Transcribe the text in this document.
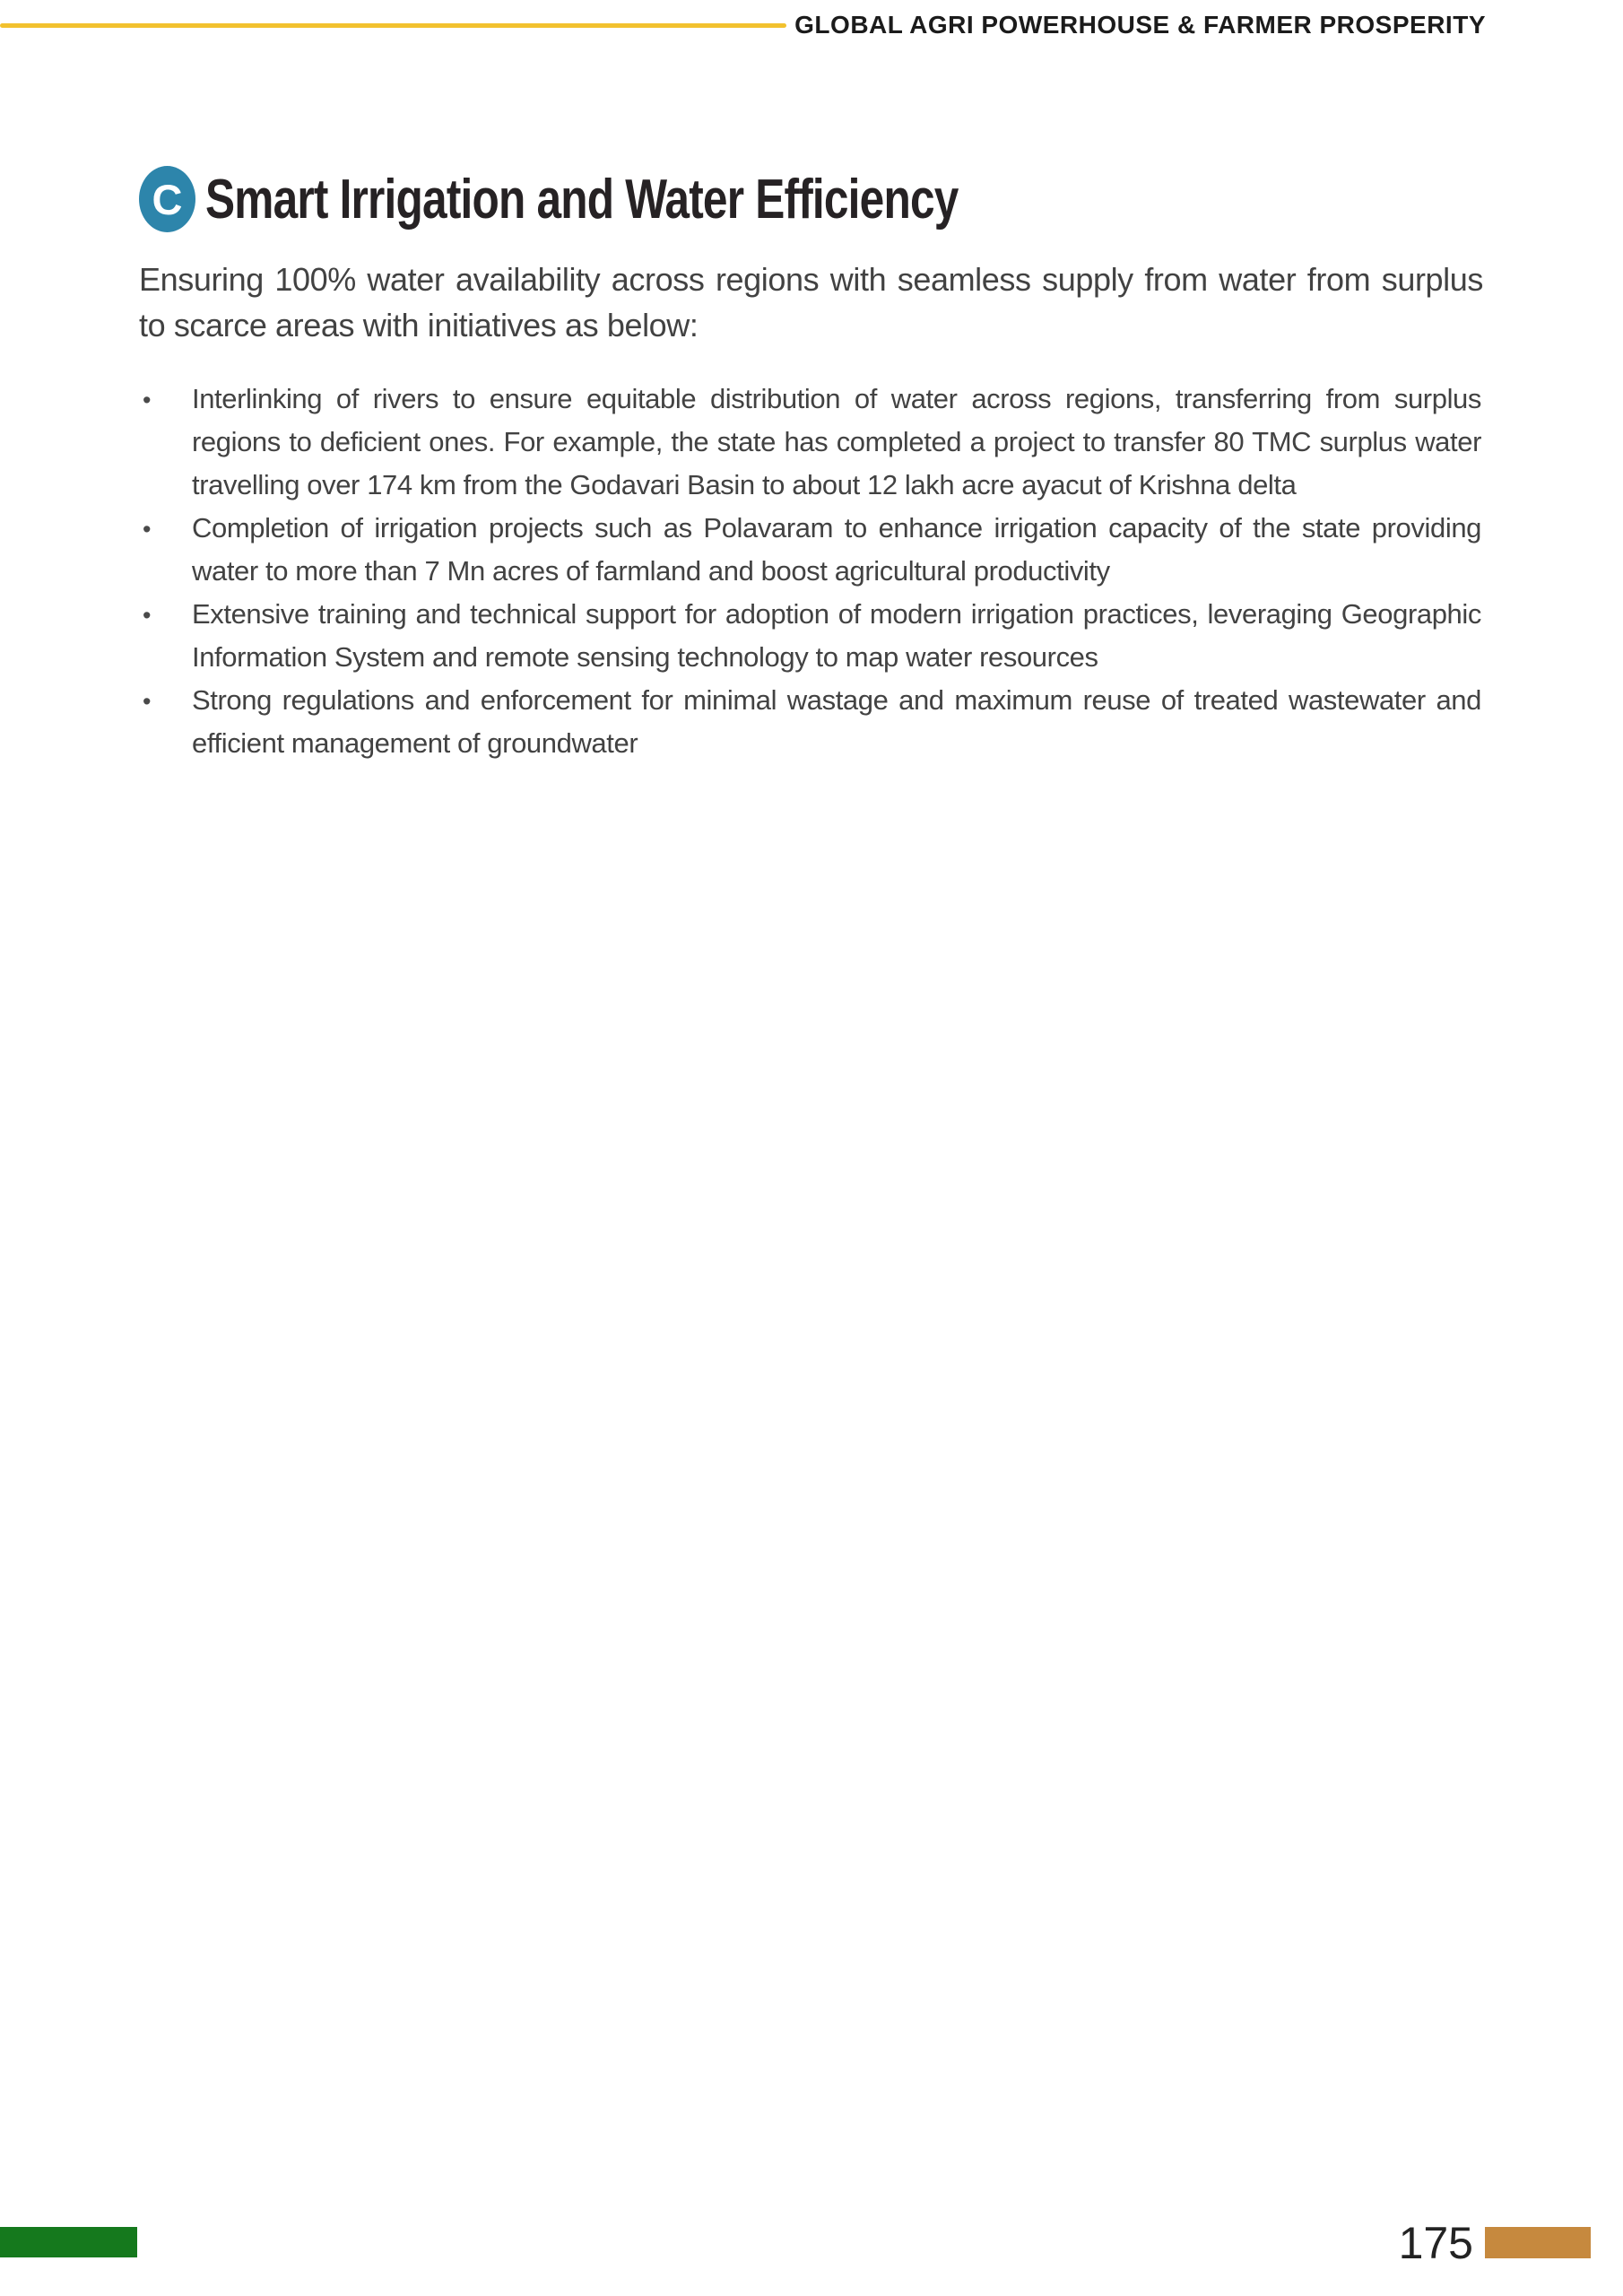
GLOBAL AGRI POWERHOUSE & FARMER PROSPERITY
C Smart Irrigation and Water Efficiency

Ensuring 100% water availability across regions with seamless supply from water from surplus to scarce areas with initiatives as below:

• Interlinking of rivers to ensure equitable distribution of water across regions, transferring from surplus regions to deficient ones. For example, the state has completed a project to transfer 80 TMC surplus water travelling over 174 km from the Godavari Basin to about 12 lakh acre ayacut of Krishna delta
• Completion of irrigation projects such as Polavaram to enhance irrigation capacity of the state providing water to more than 7 Mn acres of farmland and boost agricultural productivity
• Extensive training and technical support for adoption of modern irrigation practices, leveraging Geographic Information System and remote sensing technology to map water resources
• Strong regulations and enforcement for minimal wastage and maximum reuse of treated wastewater and efficient management of groundwater
175
